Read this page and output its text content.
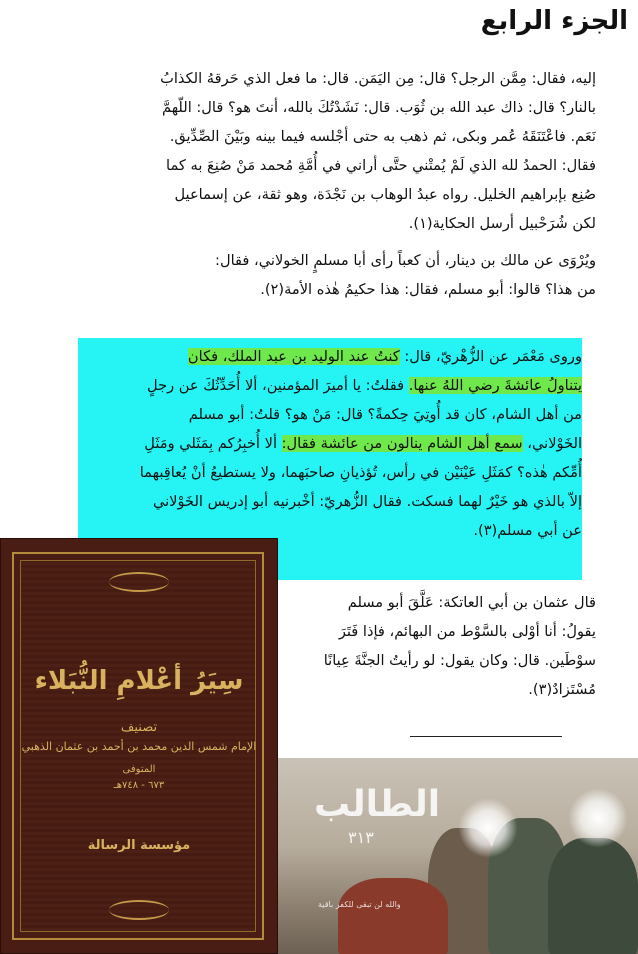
الجزء الرابع
إليه، فقال: مِمَّن الرجل؟ قال: مِن اليَمَن. قال: ما فعل الذي حَرقهُ الكذابُ
بالنار؟ قال: ذاك عبد الله بن ثُوَب. قال: نَشَدْتُكَ بالله، أنتَ هو؟ قال: اللّهمَّ
نَعَم. فاعْتَنَقَهُ عُمر وبكى، ثم ذهب به حتى أجْلسه فيما بينه وبَيْنَ الصِّدِّيق.
فقال: الحمدُ لله الذي لَمْ يُمتْني حتَّى أراني في أُمَّةِ مُحمد مَنْ صُنِعَ به كما
صُنِع بإبراهيم الخليل. رواه عبدُ الوهاب بن نَجْدَة، وهو ثقة، عن إسماعيل
لكن شُرَحْبيل أرسل الحكاية(١).
ويُرْوَى عن مالك بن دينار، أن كعباً رأى أبا مسلمٍ الخولاني، فقال:
من هذا؟ قالوا: أبو مسلم، فقال: هذا حكيمُ هٰذه الأمة(٢).
وروى مَعْمَر عن الزُّهْريّ، قال: كنتُ عند الوليد بن عبد الملك، فكان
يتناولُ عائشةَ رضي اللهُ عنها. فقلتُ: يا أميرَ المؤمنين، ألا أُحَدِّثُكَ عن رجلٍ
من أهل الشام، كان قد أُوتِيَ حِكمةً؟ قال: مَنْ هو؟ قلتُ: أبو مسلم
الخَوْلاني، سمع أهل الشام ينالون من عائشة فقال: ألا أُخبِرُكم بِمَثَلي ومَثَلِ
أُمِّكم هٰذه؟ كمَثَلِ عَيْنَيْن في رأس، تُؤذيانِ صاحبَهما، ولا يستطيعُ أنْ يُعاقِبهما
إلاّ بالذي هو خَيْرٌ لهما فسكت. فقال الزُّهريّ: أخْبرنيه أبو إدريس الخَوْلاني
عن أبي مسلم(٣).
قال عثمان بن أبي العاتكة: عَلَّقَ أبو مسلم
يقولُ: أنا أوْلى بالسَّوْط من البهائم، فإذا فَتَرَ
سوْطَين. قال: وكان يقول: لو رأيتُ الجنَّةَ عِيانًا
مُسْتَزادٌ(٣).
سِيَرُ أعْلامِ النُّبَلاء
تصنيف
الإمام شمس الدين محمد بن أحمد بن عثمان الذهبي
المتوفى
٦٧٣ - ٧٤٨هـ
مؤسسة الرسالة
الطالب
٣١٣
والله لن تبقى للكفر باقية
